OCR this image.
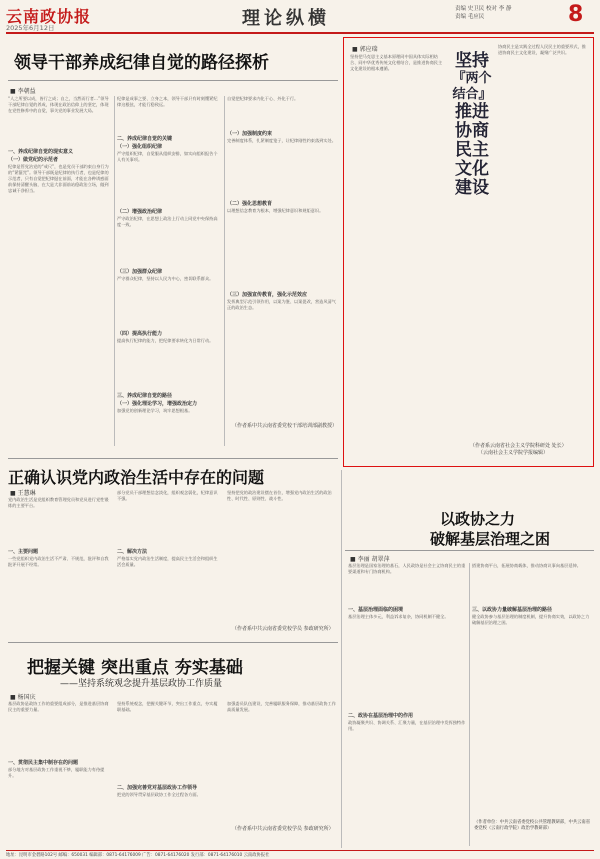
云南政协报
2025年6月12日	理论纵横	责编 史卫民 校对 李 静
责编 毛应民	8
领导干部养成纪律自觉的路径探析
■ 李朝益

“人之所要以成，皆行之成；自之，当然而行者…”领导干部纪律自觉的养成，体现在政治信仰上的坚定，体现在党性修养中的自觉，事关党的事业发展大局。

一、养成纪律自觉的现实意义
（一）做党纪的示范者

纪律是管党治党的“戒尺”，也是党员干部约束自身行为的“紧箍咒”。领导干部既是纪律的执行者，也是纪律的示范者，只有自觉把纪律挺在前面，才能在各种诱惑面前保持清醒头脑，在大是大非面前站稳政治立场，做到忠诚干净担当。

纪律是成事之要、立身之本，领导干部只有时刻绷紧纪律这根弦，才能行稳致远。

二、养成纪律自觉的关键
（一）强化组织纪律

严守组织纪律，自觉服从组织安排，如实向组织报告个人有关事项。

（二）增强政治纪律

严守政治纪律，在思想上政治上行动上同党中央保持高度一致。

（三）加强群众纪律

严守群众纪律，坚持以人民为中心，密切联系群众。

（四）提高执行能力

提高执行纪律的能力，把纪律要求转化为日常行动。

三、养成纪律自觉的路径
（一）强化理论学习，增强政治定力

加强党的创新理论学习，筑牢思想根基。

自觉把纪律要求内化于心、外化于行。

（一）加强制度约束

完善制度体系，扎紧制度笼子，让纪律刚性约束落到实处。

（二）强化思想教育

以理想信念教育为根本，增强纪律意识和规矩意识。

（三）加强宣传教育，强化示范效应

发挥典型示范引领作用，以案为鉴、以案促改，营造风清气正的政治生态。

（作者系中共云南省委党校干部培训部副教授）
■ 郭应瑞

坚持把马克思主义基本原理同中国具体实际相结合、同中华优秀传统文化相结合，是推进协商民主文化建设的根本遵循。	坚持
『两个结合』
推进协商民主文化建设

协商民主是实践全过程人民民主的重要形式，推进协商民主文化建设，凝聚广泛共识。

（作者系云南省社会主义学院科研处 处长）
（云南社会主义学院学报编辑）
正确认识党内政治生活中存在的问题
■ 王慧琳

党内政治生活是党组织教育管理党员和党员进行党性锻炼的主要平台。

一、主要问题

一些党组织党内政治生活不严肃、不规范，批评和自我批评开展不经常。

部分党员干部理想信念淡化，组织观念弱化，纪律意识不强。

二、解决方法

严格落实党内政治生活制度，提高民主生活会和组织生活会质量。

坚持把党的政治建设摆在首位，增强党内政治生活的政治性、时代性、原则性、战斗性。

（作者系中共云南省委党校学员 参政研究所）
以政协之力
破解基层治理之困
■ 李丽 胡翠萍

基层治理是国家治理的基石，人民政协是社会主义协商民主的重要渠道和专门协商机构。

一、基层治理面临的困境

基层治理主体多元，利益诉求复杂，协同机制不健全。

二、政协在基层治理中的作用

政协凝聚共识、协调关系、汇聚力量，在基层治理中发挥独特作用。

搭建协商平台，拓展协商载体，推动协商议事向基层延伸。

三、以政协力量破解基层治理的路径

健全政协参与基层治理的制度机制，提升协商实效，以政协之力破解基层治理之困。

（作者单位：中共云南省委党校公共管理教研部，中共云南省委党校（云南行政学院）政治学教研部）
把握关键 突出重点 夯实基础
——坚持系统观念提升基层政协工作质量
■ 杨国庆

基层政协是政协工作的重要组成部分，是推进基层协商民主的重要力量。

一、贯彻民主集中制存在的问题

部分地方对基层政协工作重视不够，履职能力有待提升。

坚持系统观念，把握关键环节，突出工作重点，夯实履职基础。

二、加强完善党对基层政协工作领导

把党的领导贯穿基层政协工作全过程各方面。

加强委员队伍建设，完善履职服务保障，推动基层政协工作高质量发展。

（作者系中共云南省委党校学员 参政研究所）
地址：昆明市金碧路102号 邮编：650031 编辑部：0871-64176009 广告：0871-64176020 发行部：0871-64176010 云南政协报社
